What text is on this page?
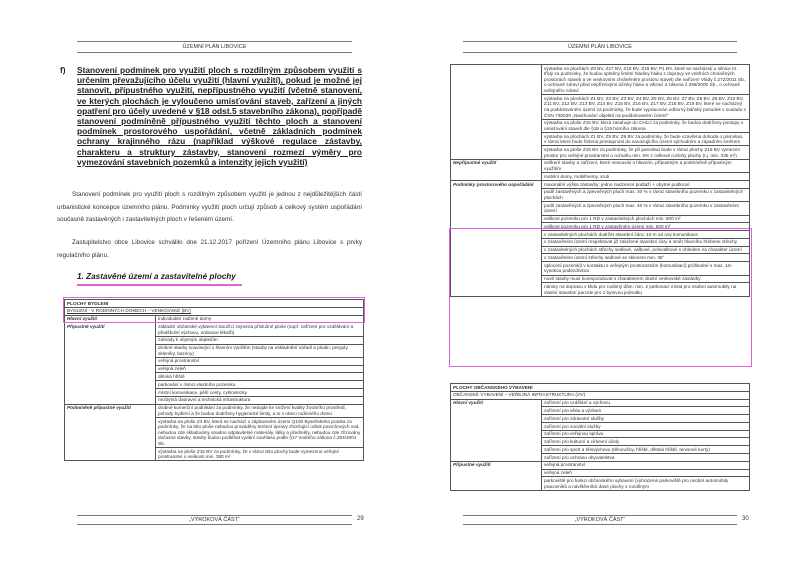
ÚZEMNÍ PLÁN LIBOVICE
f) Stanovení podmínek pro využití ploch s rozdílným způsobem využití s určením převažujícího účelu využití (hlavní využití), pokud je možné jej stanovit, přípustného využití, nepřípustného využití (včetně stanovení, ve kterých plochách je vyloučeno umisťování staveb, zařízení a jiných opatření pro účely uvedené v §18 odst.5 stavebního zákona), popřípadě stanovení podmíněně přípustného využití těchto ploch a stanovení podmínek prostorového uspořádání, včetně základních podmínek ochrany krajinného rázu (například výškové regulace zástavby, charakteru a struktury zástavby, stanovení rozmezí výměry pro vymezování stavebních pozemků a intenzity jejich využití)
Stanovení podmínek pro využití ploch s rozdílným způsobem využití je jednou z nejdůležitějších částí urbanistické koncepce územního plánu. Podmínky využití ploch určují způsob a celkový systém uspořádání současně zastavěných i zastavitelných ploch v řešeném území.
Zastupitelstvo obce Libovice schválilo dne 21.12.2017 pořízení Územního plánu Libovice s prvky regulačního plánu.
1. Zastavěné území a zastavitelné plochy
PLOCHY BYDLENÍ	
BYDLENÍ - V RODINNÝCH DOMECH – VENKOVSKÉ (BV)	
Hlavní využití	individuální rodinné domy
Přípustné využití	základní občanské vybavení sloužící zejména příslušné ploše (např. zařízení pro vzdělávání a předškolní výchovu, ordinace lékařů)
	zahrady k obytným objektům
	drobné stavby související s hlavním využitím (stavby na uskladnění nářadí a plodin, pergoly, skleníky, bazény)
	veřejná prostranství
	veřejná zeleň
	dětská hřiště
	parkování v rámci vlastního pozemku
	místní komunikace, pěší cesty, cyklostezky
	nezbytná dopravní a technická infrastruktura
Podmíněně přípustné využití	drobné komerční podnikání za podmínky, že nedojde ke snížení kvality životního prostředí, pohody bydlení a že budou dodrženy hygienické limity, a to v rámci rodinného domu
	výstavba na ploše Z3 BV, která se nachází v záplavovém území Q100 Byseňského potoka za podmínky, že na této ploše nebudou prováděny terénní úpravy zhoršující odtok povrchových vod, nebudou zde skladovány snadno odplavitelné materiály, látky a předměty, nebudou zde zřizovány dočasné stavby, stavby budou podléhat vydání souhlasu podle §17 Vodního zákona č.254/2001 Sb.
	výstavba na ploše Z15 BV za podmínky, že v rámci této plochy bude vymezeno veřejné prostranství o velikosti min. 380 m²
„VÝROKOVÁ ČÁST“	29
ÚZEMNÍ PLÁN LIBOVICE
	výstavba na plochách Z8 BV, Z17 BV, Z18 BV, Z19 BV, P1 BV, které se nacházejí u silnice III. třídy za podmínky, že budou splněny limitní hladiny hluku z dopravy ve vnitřních chráněných prostorách staveb a ve venkovním chráněném prostoru staveb dle nařízení Vlády č.272/2011 Sb., o ochraně zdraví před nepříznivými účinky hluku a vibrací a zákona č.258/2000 Sb., o ochraně veřejného zdraví
	výstavba na plochách Z1 BV, Z2 BV, Z3 BV, Z4 BV, Z5 BV, Z6 BV, Z7 BV, Z8 BV, Z9 BV, Z10 BV, Z11 BV, Z12 BV, Z13 BV, Z14 BV, Z15 BV, Z16 BV, Z17 BV, Z18 BV, Z19 BV, které se nacházejí na poddolovaném území za podmínky, že bude vypracován odborný báňský posudek v souladu s ČSN 730039 „Navrhování objektů na poddolovaném území“
	výstavba na ploše Z15 BV, která zasahuje do CHLÚ za podmínky, že budou dodrženy postupy o umisťování staveb dle §18 a §19 horního zákona
	výstavba na plochách Z1 BV, Z5 BV, Z6 BV za podmínky, že bude uzavřena dohoda o parcelaci, v rámci které bude řešena prostupnost do navazujícího území východním a západním směrem
	výstavba na ploše Z15 BV za podmínky, že při parcelaci bude v rámci plochy Z15 BV vymezen prostor pro veřejné prostranství o rozsahu min. 5% z celkové rozlohy plochy (t.j. min. 335 m²)
Nepřípustné využití	veškeré stavby a zařízení, které nesouvisí s hlavním, přípustným a podmíněně přípustným využitím
	mobilní domy, mobilheimy, srub
Podmínky prostorového uspořádání	maximální výška zástavby: jedno nadzemní podlaží + obytné podkroví
	podíl zastavěných a zpevněných ploch max. 30 % v rámci stavebního pozemku v zastavitelných plochách
	podíl zastavěných a zpevněných ploch max. 40 % v rámci stavebního pozemku v zastavěném území
	velikost pozemku pro 1 RD v zastavitelných plochách min. 800 m²
	velikost pozemku pro 1 RD v zastavěném území min. 600 m²
	v zastavitelných plochách dodržet stavební čáru: 10 m od osy komunikace
	v zastavěném území respektovat již založené stavební čáry a směr hlavního hřebene střechy
	v zastavitelných plochách střechy sedlové, valbové, polovalbové s ohledem na charakter území
	v zastavěném území střechy sedlové se sklonem min. 35°
	oplocení pozemků v kontaktu s veřejným prostranstvím (komunikací) průhledné s max. 1m vysokou podezdívkou
	nové stavby musí korespondovat s charakterem okolní venkovské zástavby
	nároky na dopravu v klidu pro rodinný dům: min. 2 parkovací místa pro osobní automobily na vlastní stavební parcele pro 1 bytovou jednotku
PLOCHY OBČANSKÉHO VYBAVENÍ	
OBČANSKÉ VYBAVENÍ – VEŘEJNÁ INFRASTRUKTURA (OV)	
Hlavní využití	zařízení pro vzdělání a výchovu
	zařízení pro vědu a výzkum
	zařízení pro zdravotní služby
	zařízení pro sociální služby
	zařízení pro veřejnou správu
	zařízení pro kulturní a církevní účely
	zařízení pro sport a tělovýchovu (tělocvičny, hřiště, dětská hřiště, tenisové kurty)
	zařízení pro ochranu obyvatelstva
Přípustné využití	veřejná prostranství
	veřejná zeleň
	parkoviště pro funkci občanského vybavení (vyhrazené parkoviště pro osobní automobily pracovníků a návštěvníků dané plochy s rozdílným
„VÝROKOVÁ ČÁST“	30
